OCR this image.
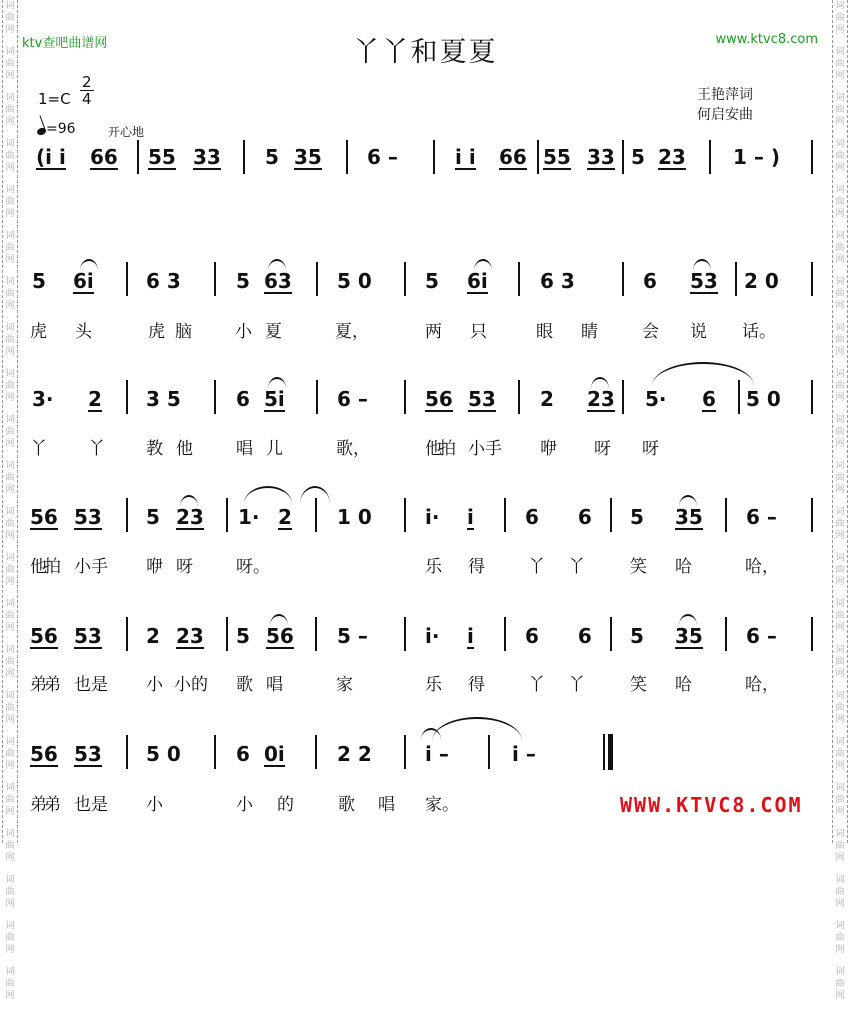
词
曲
网
词
曲
网
词
曲
网
词
曲
网
词
曲
网
词
曲
网
词
曲
网
词
曲
网
词
曲
网
词
曲
网
词
曲
网
词
曲
网
词
曲
网
词
曲
网
词
曲
网
词
曲
网
词
曲
网
词
曲
网
词
曲
网
词
曲
网
词
曲
网
词
曲
网
词
曲
网
词
曲
网
词
曲
网
词
曲
网
词
曲
网
词
曲
网
词
曲
网
词
曲
网
词
曲
网
词
曲
网
词
曲
网
词
曲
网
词
曲
网
词
曲
网
词
曲
网
词
曲
网
词
曲
网
词
曲
网
词
曲
网
词
曲
网
词
曲
网
词
曲
网
ktv查吧曲谱网	www.ktvc8.com
丫丫和夏夏
王艳萍词
何启安曲
1=C
2
4
=96	开心地
(i i 66 55 33 5 35 6 –	i i 66 55 33 5 23 1 – )
5 6i	6 3	5 63 5 0	5 6i	6 3	6 53 2 0
虎 头	虎脑 小 夏	夏，	两 只	眼 睛	会 说 话。
3· 2 3 5	6 5i	6 –	56 53 2 23 5· 6 5 0
丫 丫 教 他	唱 儿	歌，	他拍 小手 咿 呀 呀
56 53 5 23 1· 2 1 0	i· i	6 6 5 35 6 –
他拍 小手 咿 呀	呀。	乐 得	丫 丫	笑 哈	哈，
56 53 2 23 5 56 5 –	i· i	6 6 5 35 6 –
弟弟 也是 小 小的 歌 唱	家	乐 得	丫 丫	笑 哈	哈，
56 53 5 0	6 0i	2 2	i –	i –
弟弟 也是 小	小 的	歌 唱 家。	WWW.KTVC8.COM
